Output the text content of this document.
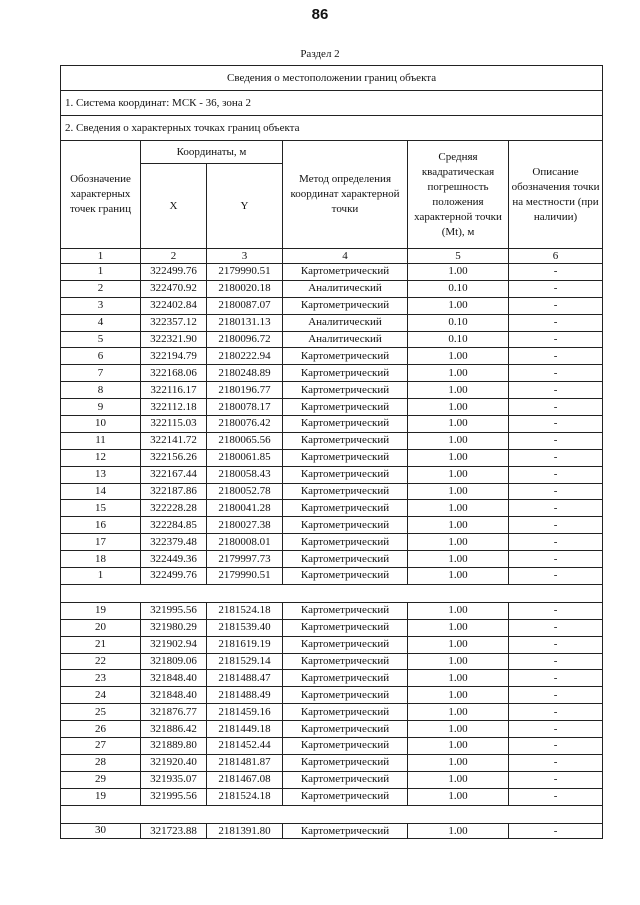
86
Раздел 2
Сведения о местоположении границ объекта					
1. Система координат: МСК - 36, зона 2					
2. Сведения о характерных точках границ объекта					
Обозначение характерных точек границ	Координаты, м		Метод определения координат характерной точки	Средняя квадратическая погрешность положения характерной точки (Mt), м	Описание обозначения точки на местности (при наличии)
	X	Y			
1	2	3	4	5	6
1	322499.76	2179990.51	Картометрический	1.00	-
2	322470.92	2180020.18	Аналитический	0.10	-
3	322402.84	2180087.07	Картометрический	1.00	-
4	322357.12	2180131.13	Аналитический	0.10	-
5	322321.90	2180096.72	Аналитический	0.10	-
6	322194.79	2180222.94	Картометрический	1.00	-
7	322168.06	2180248.89	Картометрический	1.00	-
8	322116.17	2180196.77	Картометрический	1.00	-
9	322112.18	2180078.17	Картометрический	1.00	-
10	322115.03	2180076.42	Картометрический	1.00	-
11	322141.72	2180065.56	Картометрический	1.00	-
12	322156.26	2180061.85	Картометрический	1.00	-
13	322167.44	2180058.43	Картометрический	1.00	-
14	322187.86	2180052.78	Картометрический	1.00	-
15	322228.28	2180041.28	Картометрический	1.00	-
16	322284.85	2180027.38	Картометрический	1.00	-
17	322379.48	2180008.01	Картометрический	1.00	-
18	322449.36	2179997.73	Картометрический	1.00	-
1	322499.76	2179990.51	Картометрический	1.00	-

19	321995.56	2181524.18	Картометрический	1.00	-
20	321980.29	2181539.40	Картометрический	1.00	-
21	321902.94	2181619.19	Картометрический	1.00	-
22	321809.06	2181529.14	Картометрический	1.00	-
23	321848.40	2181488.47	Картометрический	1.00	-
24	321848.40	2181488.49	Картометрический	1.00	-
25	321876.77	2181459.16	Картометрический	1.00	-
26	321886.42	2181449.18	Картометрический	1.00	-
27	321889.80	2181452.44	Картометрический	1.00	-
28	321920.40	2181481.87	Картометрический	1.00	-
29	321935.07	2181467.08	Картометрический	1.00	-
19	321995.56	2181524.18	Картометрический	1.00	-

30	321723.88	2181391.80	Картометрический	1.00	-
